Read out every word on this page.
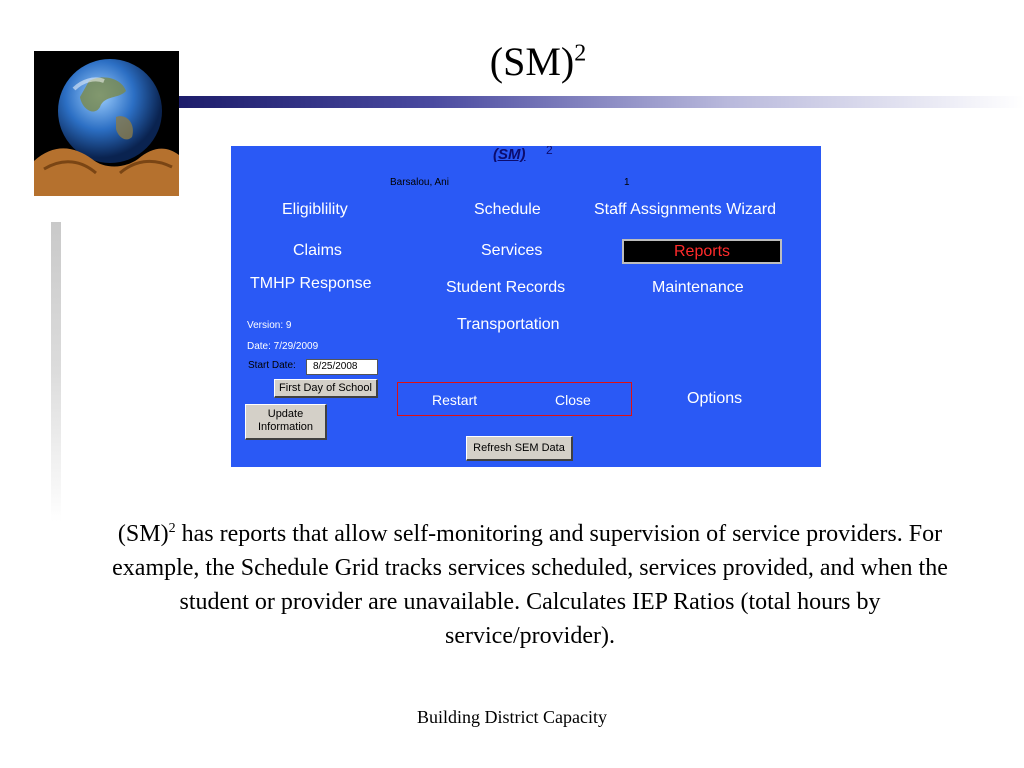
(SM)$^2$
(SM) 2
Barsalou, Ani	1
Eligiblility	Schedule	Staff Assignments Wizard
Claims	Services	Reports
TMHP Response	Student Records	Maintenance
Transportation
Version: 9
Date: 7/29/2009
Start Date:	8/25/2008
First Day of School
Update
Information
Restart	Close	Options
Refresh SEM Data
(SM)$^2$ has reports that allow self-monitoring and supervision of service providers. For example, the Schedule Grid tracks services scheduled, services provided, and when the student or provider are unavailable. Calculates IEP Ratios (total hours by service/provider).
Building District Capacity
